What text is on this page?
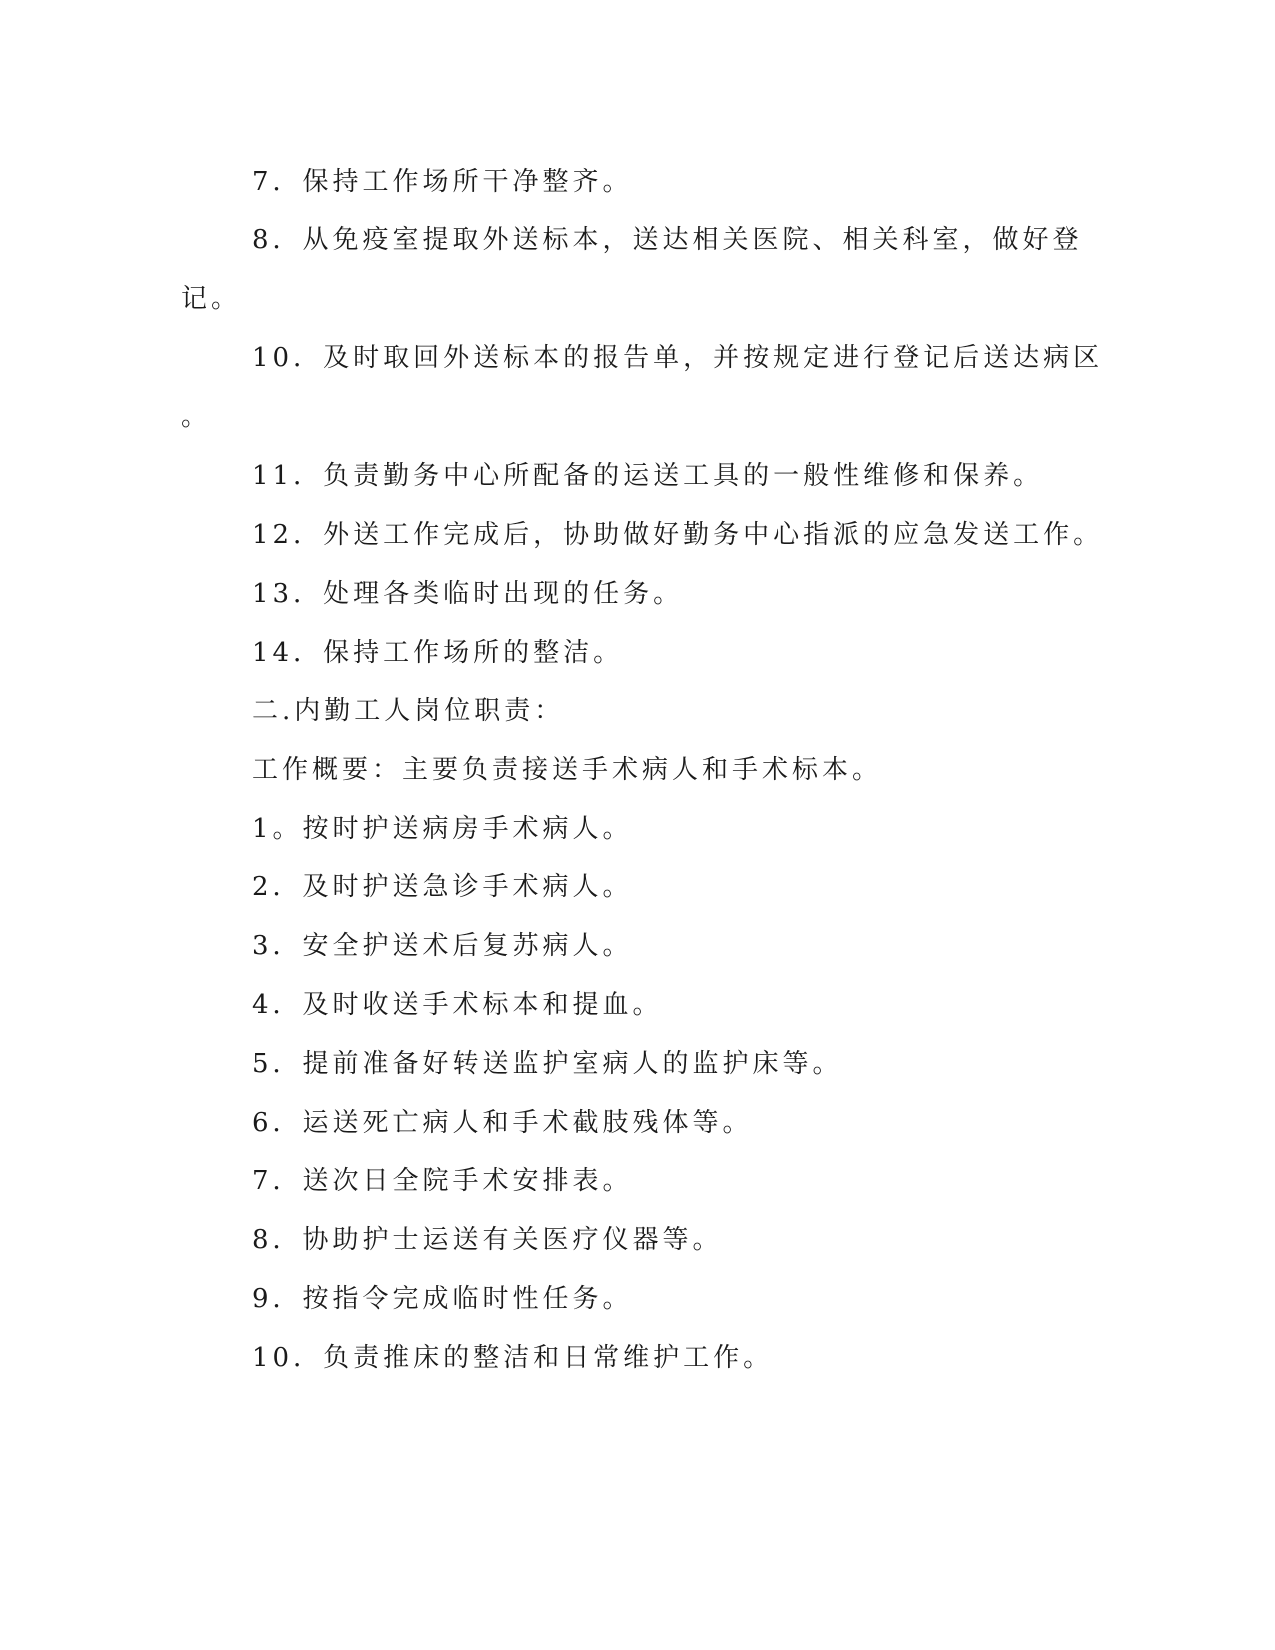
7．保持工作场所干净整齐。
8．从免疫室提取外送标本，送达相关医院、相关科室，做好登
记。
10．及时取回外送标本的报告单，并按规定进行登记后送达病区
。
11．负责勤务中心所配备的运送工具的一般性维修和保养。
12．外送工作完成后，协助做好勤务中心指派的应急发送工作。
13．处理各类临时出现的任务。
14．保持工作场所的整洁。
二.内勤工人岗位职责：
工作概要：主要负责接送手术病人和手术标本。
1。按时护送病房手术病人。
2．及时护送急诊手术病人。
3．安全护送术后复苏病人。
4．及时收送手术标本和提血。
5．提前准备好转送监护室病人的监护床等。
6．运送死亡病人和手术截肢残体等。
7．送次日全院手术安排表。
8．协助护士运送有关医疗仪器等。
9．按指令完成临时性任务。
10．负责推床的整洁和日常维护工作。
